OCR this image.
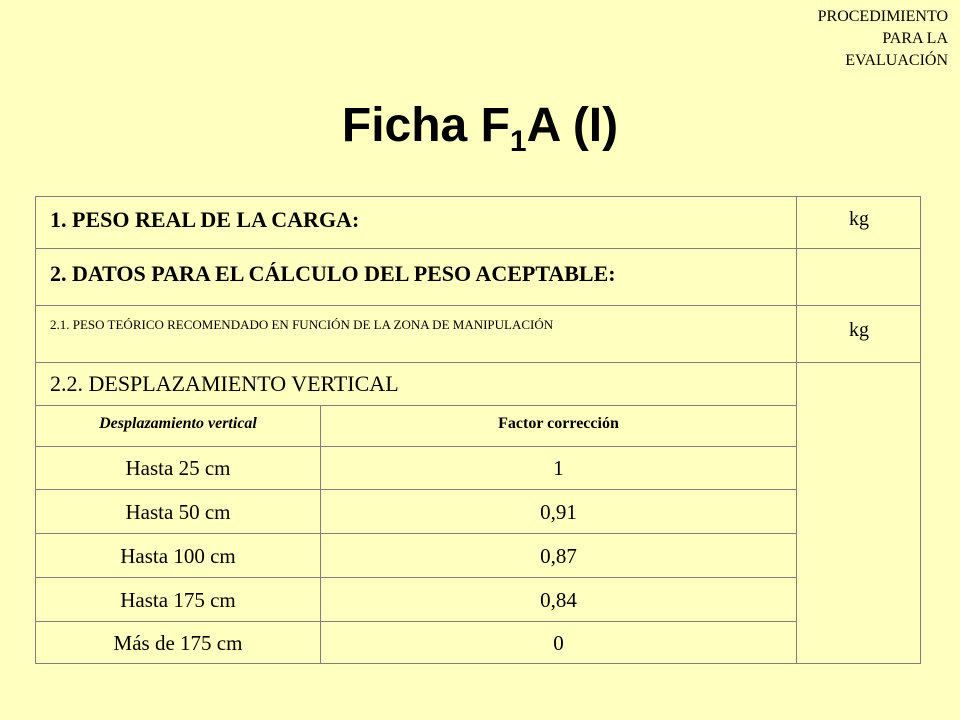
PROCEDIMIENTO
PARA LA
EVALUACIÓN
Ficha $F_1A$ (I)
1. PESO REAL DE LA CARGA:	kg
2. DATOS PARA EL CÁLCULO DEL PESO ACEPTABLE:
2.1. PESO TEÓRICO RECOMENDADO EN FUNCIÓN DE LA ZONA DE MANIPULACIÓN	kg
2.2. DESPLAZAMIENTO VERTICAL
Desplazamiento vertical	Factor corrección
Hasta 25 cm	1
Hasta 50 cm	0,91
Hasta 100 cm	0,87
Hasta 175 cm	0,84
Más de 175 cm	0
